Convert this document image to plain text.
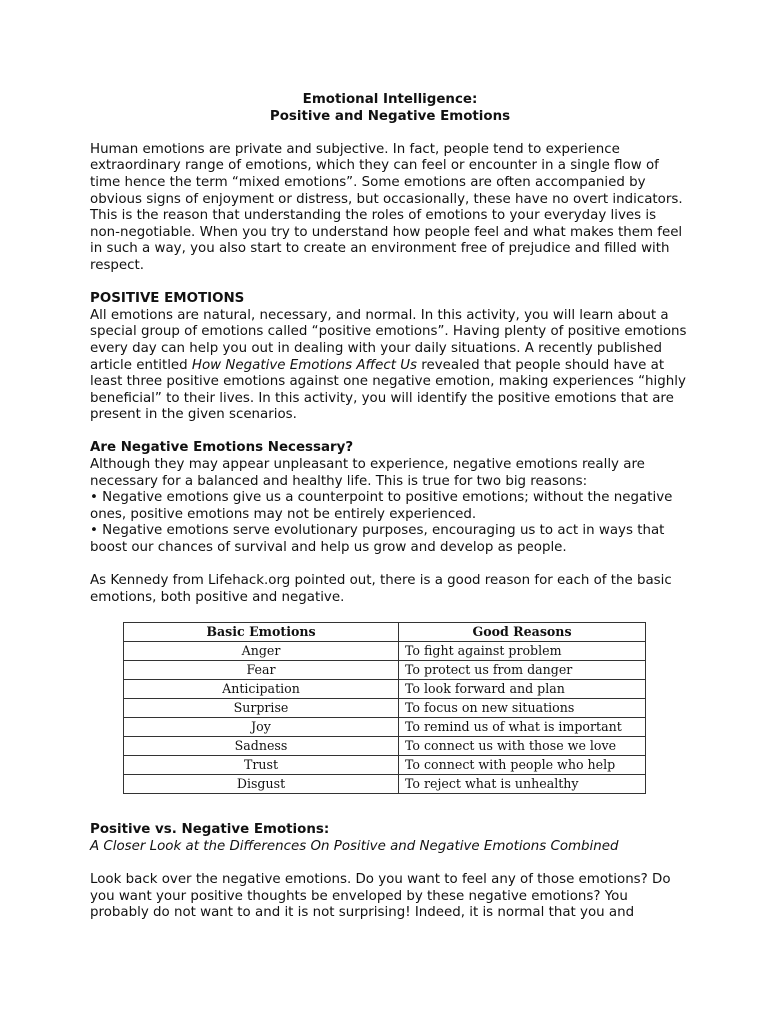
Emotional Intelligence:

Positive and Negative Emotions

Human emotions are private and subjective. In fact, people tend to experience extraordinary range of emotions, which they can feel or encounter in a single flow of time hence the term “mixed emotions”. Some emotions are often accompanied by obvious signs of enjoyment or distress, but occasionally, these have no overt indicators. This is the reason that understanding the roles of emotions to your everyday lives is non-negotiable. When you try to understand how people feel and what makes them feel in such a way, you also start to create an environment free of prejudice and filled with respect.

POSITIVE EMOTIONS

All emotions are natural, necessary, and normal. In this activity, you will learn about a special group of emotions called “positive emotions”. Having plenty of positive emotions every day can help you out in dealing with your daily situations. A recently published article entitled How Negative Emotions Affect Us revealed that people should have at least three positive emotions against one negative emotion, making experiences “highly beneficial” to their lives. In this activity, you will identify the positive emotions that are present in the given scenarios.

Are Negative Emotions Necessary?

Although they may appear unpleasant to experience, negative emotions really are necessary for a balanced and healthy life. This is true for two big reasons:

• Negative emotions give us a counterpoint to positive emotions; without the negative ones, positive emotions may not be entirely experienced.

• Negative emotions serve evolutionary purposes, encouraging us to act in ways that boost our chances of survival and help us grow and develop as people.

As Kennedy from Lifehack.org pointed out, there is a good reason for each of the basic emotions, both positive and negative.

Basic Emotions	Good Reasons
Anger	To fight against problem
Fear	To protect us from danger
Anticipation	To look forward and plan
Surprise	To focus on new situations
Joy	To remind us of what is important
Sadness	To connect us with those we love
Trust	To connect with people who help
Disgust	To reject what is unhealthy

Positive vs. Negative Emotions:

A Closer Look at the Differences On Positive and Negative Emotions Combined

Look back over the negative emotions. Do you want to feel any of those emotions? Do you want your positive thoughts be enveloped by these negative emotions? You probably do not want to and it is not surprising! Indeed, it is normal that you and
